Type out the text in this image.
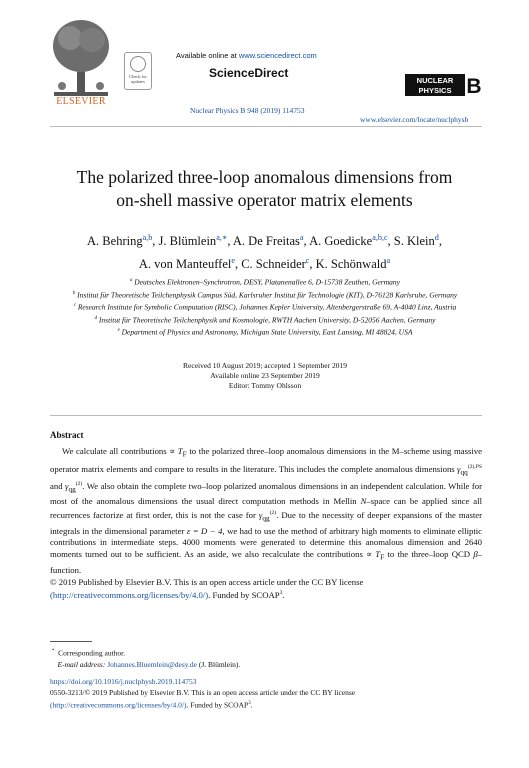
ELSEVIER
Check for updates
Available online at www.sciencedirect.com
ScienceDirect
Nuclear Physics B 948 (2019) 114753
NUCLEAR
PHYSICS B
www.elsevier.com/locate/nuclphysb
The polarized three-loop anomalous dimensions from
on-shell massive operator matrix elements
A. Behring$^{a,b}$, J. Blümlein$^{a,∗}$, A. De Freitas$^a$, A. Goedicke$^{a,b,c}$, S. Klein$^d$,
A. von Manteuffel$^e$, C. Schneider$^c$, K. Schönwald$^a$
$^a$ Deutsches Elektronen–Synchrotron, DESY, Platanenallee 6, D-15738 Zeuthen, Germany
$^b$ Institut für Theoretische Teilchenphysik Campus Süd, Karlsruher Institut für Technologie (KIT), D-76128 Karlsruhe, Germany
$^c$ Research Institute for Symbolic Computation (RISC), Johannes Kepler University, Altenbergerstraße 69, A-4040 Linz, Austria
$^d$ Institut für Theoretische Teilchenphysik und Kosmologie, RWTH Aachen University, D-52056 Aachen, Germany
$^e$ Department of Physics and Astronomy, Michigan State University, East Lansing, MI 48824, USA
Received 10 August 2019; accepted 1 September 2019
Available online 23 September 2019
Editor: Tommy Ohlsson
Abstract

We calculate all contributions ∝ $T_F$ to the polarized three–loop anomalous dimensions in the M–scheme using massive operator matrix elements and compare to results in the literature. This includes the complete anomalous dimensions $\gamma_{qq}^{(2),PS}$ and $\gamma_{qg}^{(2)}$. We also obtain the complete two–loop polarized anomalous dimensions in an independent calculation. While for most of the anomalous dimensions the usual direct computation methods in Mellin N–space can be applied since all recurrences factorize at first order, this is not the case for $\gamma_{qg}^{(2)}$. Due to the necessity of deeper expansions of the master integrals in the dimensional parameter ε = D − 4, we had to use the method of arbitrary high moments to eliminate elliptic contributions in intermediate steps. 4000 moments were generated to determine this anomalous dimension and 2640 moments turned out to be sufficient. As an aside, we also recalculate the contributions ∝ $T_F$ to the three–loop QCD β–function.

© 2019 Published by Elsevier B.V. This is an open access article under the CC BY license
(http://creativecommons.org/licenses/by/4.0/). Funded by SCOAP$^3$.

* Corresponding author.
E-mail address: Johannes.Bluemlein@desy.de (J. Blümlein).
https://doi.org/10.1016/j.nuclphysb.2019.114753
0550-3213/© 2019 Published by Elsevier B.V. This is an open access article under the CC BY license
(http://creativecommons.org/licenses/by/4.0/). Funded by SCOAP$^3$.
